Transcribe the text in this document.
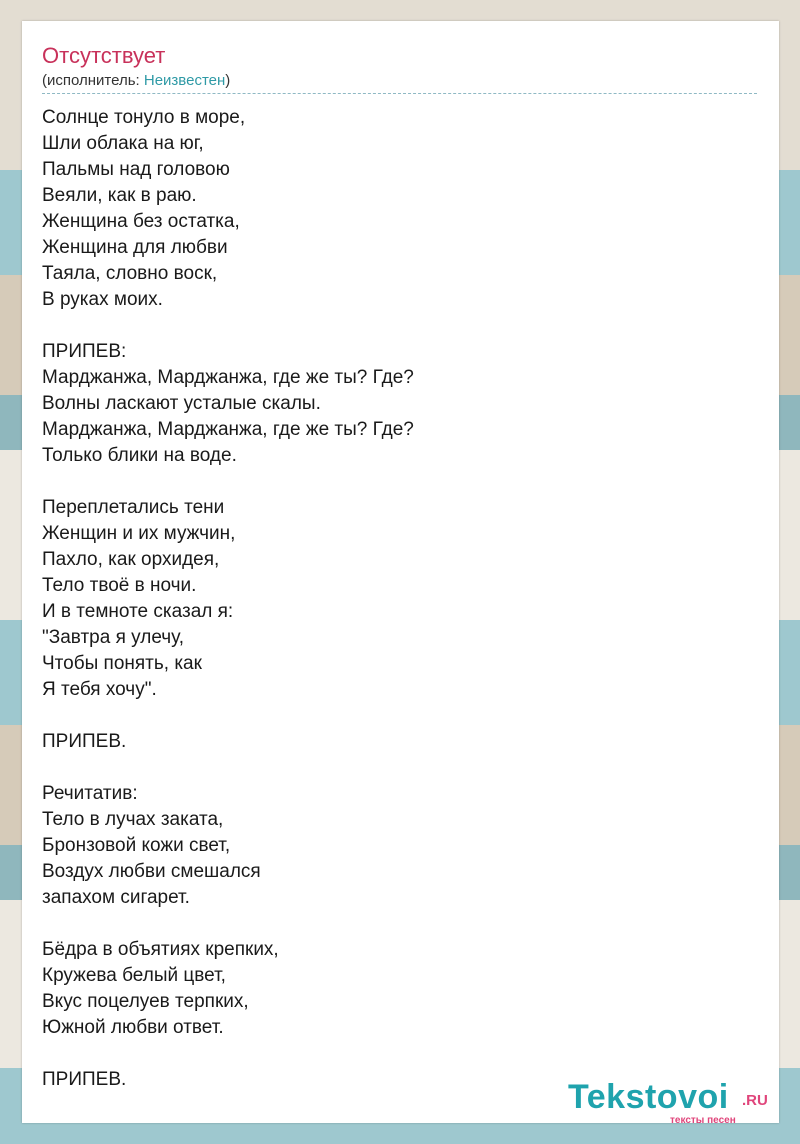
Отсутствует
(исполнитель: Неизвестен)
Солнце тонуло в море,
Шли облака на юг,
Пальмы над головою
Веяли, как в раю.
Женщина без остатка,
Женщина для любви
Таяла, словно воск,
В руках моих.

ПРИПЕВ:
Марджанжа, Марджанжа, где же ты? Где?
Волны ласкают усталые скалы.
Марджанжа, Марджанжа, где же ты? Где?
Только блики на воде.

Переплетались тени
Женщин и их мужчин,
Пахло, как орхидея,
Тело твоё в ночи.
И в темноте сказал я:
"Завтра я улечу,
Чтобы понять, как
Я тебя хочу".

ПРИПЕВ.

Речитатив:
Тело в лучах заката,
Бронзовой кожи свет,
Воздух любви смешался
запахом сигарет.

Бёдра в объятиях крепких,
Кружева белый цвет,
Вкус поцелуев терпких,
Южной любви ответ.

ПРИПЕВ.	Tekstovoi .RU
тексты песен
